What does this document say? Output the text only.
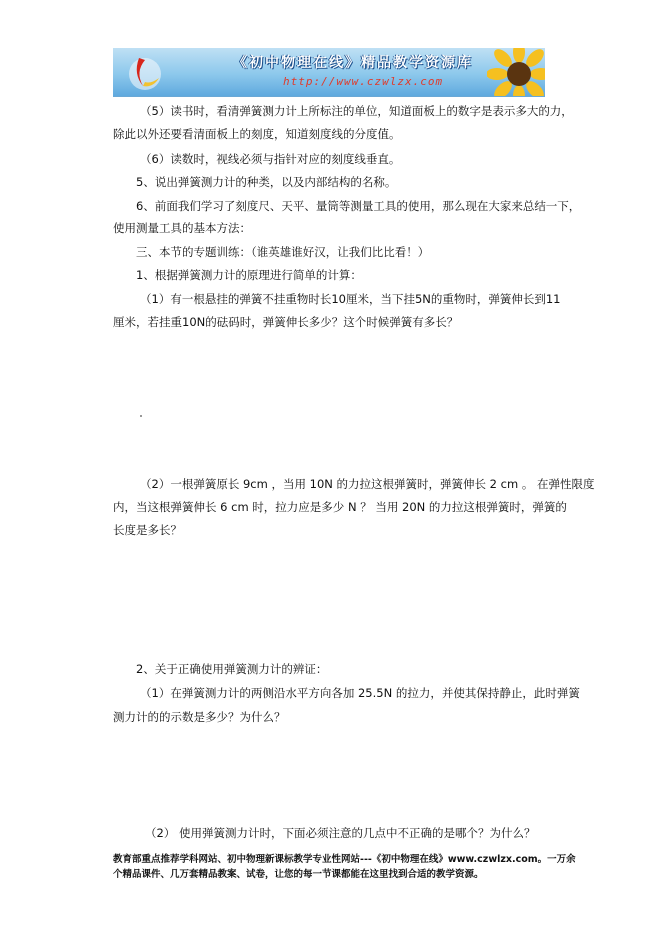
《初中物理在线》精品教学资源库
http://www.czwlzx.com
（5）读书时，看清弹簧测力计上所标注的单位，知道面板上的数字是表示多大的力，
除此以外还要看清面板上的刻度，知道刻度线的分度值。
（6）读数时，视线必须与指针对应的刻度线垂直。
5、说出弹簧测力计的种类，以及内部结构的名称。
6、前面我们学习了刻度尺、天平、量筒等测量工具的使用，那么现在大家来总结一下，
使用测量工具的基本方法：
三、本节的专题训练：（谁英雄谁好汉，让我们比比看！）
1、根据弹簧测力计的原理进行简单的计算：
（1）有一根悬挂的弹簧不挂重物时长10厘米，当下挂5N的重物时，弹簧伸长到11
厘米，若挂重10N的砝码时，弹簧伸长多少？这个时候弹簧有多长？
（2）一根弹簧原长 9cm ，当用 10N 的力拉这根弹簧时，弹簧伸长 2 cm 。 在弹性限度
内，当这根弹簧伸长 6 cm 时，拉力应是多少 N ？ 当用 20N 的力拉这根弹簧时，弹簧的
长度是多长？
2、关于正确使用弹簧测力计的辨证：
（1）在弹簧测力计的两侧沿水平方向各加 25.5N 的拉力，并使其保持静止，此时弹簧
测力计的的示数是多少？为什么？
（2） 使用弹簧测力计时，下面必须注意的几点中不正确的是哪个？为什么？
教育部重点推荐学科网站、初中物理新课标教学专业性网站---《初中物理在线》www.czwlzx.com。一万余
个精品课件、几万套精品教案、试卷，让您的每一节课都能在这里找到合适的教学资源。
